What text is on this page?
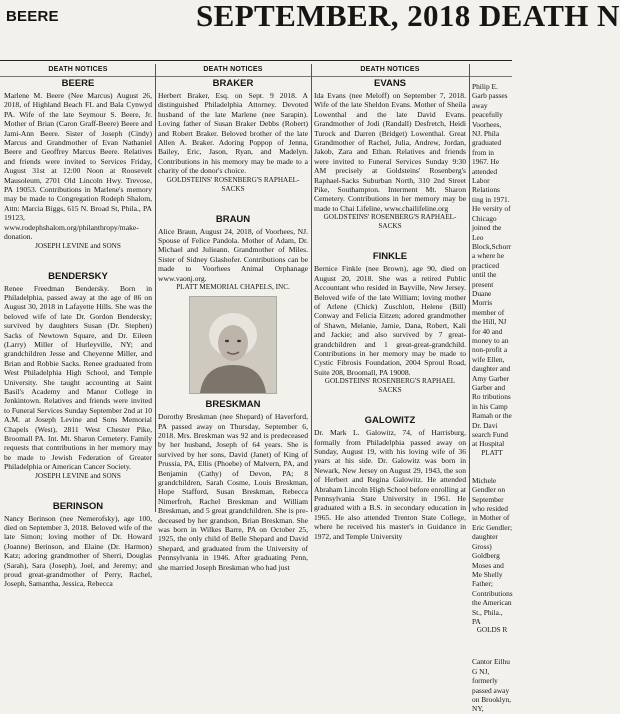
BEERE	SEPTEMBER, 2018 DEATH N
DEATH NOTICES	DEATH NOTICES	DEATH NOTICES
BEERE

Marlene M. Beere (Nee Marcus) August 26, 2018, of Highland Beach FL and Bala Cynwyd PA. Wife of the late Seymour S. Beere, Jr. Mother of Brian (Caron Graff-Beere) Beere and Jami-Ann Beere. Sister of Joseph (Cindy) Marcus and Grandmother of Evan Nathaniel Beere and Geoffrey Marcus Beere. Relatives and friends were invited to Services Friday, August 31st at 12:00 Noon at Roosevelt Mausoleum, 2701 Old Lincoln Hwy. Trevose, PA 19053. Contributions in Marlene's memory may be made to Congregation Rodeph Shalom, Attn: Marcia Biggs, 615 N. Broad St, Phila., PA 19123, www.rodephshalom.org/philanthropy/make-donation.

JOSEPH LEVINE and SONS
BENDERSKY

Renee Freedman Bendersky. Born in Philadelphia, passed away at the age of 86 on August 30, 2018 in Lafayette Hills. She was the beloved wife of late Dr. Gordon Bendersky; survived by daughters Susan (Dr. Stephen) Sacks of Newtown Square, and Dr. Eileen (Larry) Miller of Hurleyville, NY; and grandchildren Jesse and Cheyenne Miller, and Brian and Robbie Sacks. Renee graduated from West Philadelphia High School, and Temple University. She taught accounting at Saint Basil's Academy and Manor College in Jenkintown. Relatives and friends were invited to Funeral Services Sunday September 2nd at 10 A.M. at Joseph Levine and Sons Memorial Chapels (West), 2811 West Chester Pike, Broomall PA. Int. Mt. Sharon Cemetery. Family requests that contributions in her memory may be made to Jewish Federation of Greater Philadelphia or American Cancer Society.

JOSEPH LEVINE and SONS
BERINSON

Nancy Berinson (nee Nemerofsky), age 100, died on September 3, 2018. Beloved wife of the late Simon; loving mother of Dr. Howard (Joanne) Berinson, and Elaine (Dr. Harmon) Katz; adoring grandmother of Sherri, Douglas (Sarah), Sara (Joseph), Joel, and Jeremy; and proud great-grandmother of Perry, Rachel, Joseph, Samantha, Jessica, Rebecca

BRAKER

Herbert Braker, Esq. on Sept. 9 2018. A distinguished Philadelphia Attorney. Devoted husband of the late Marlene (nee Sarapin). Loving father of Susan Braker Debbs (Robert) and Robert Braker. Beloved brother of the late Allen A. Braker. Adoring Poppop of Jenna, Bailey, Eric, Jason, Ryan, and Madelyn. Contributions in his memory may be made to a charity of the donor's choice.

GOLDSTEINS' ROSENBERG'S RAPHAEL-SACKS
BRAUN

Alice Braun, August 24, 2018, of Voorhees, NJ. Spouse of Felice Pandola. Mother of Adam, Dr. Michael and Julieann. Grandmother of Miles. Sister of Sidney Glashofer. Contributions can be made to Voorhees Animal Orphanage www.vaonj.org.

PLATT MEMORIAL CHAPELS, INC.
BRESKMAN

Dorothy Breskman (nee Shepard) of Haverford, PA passed away on Thursday, September 6, 2018. Mrs. Breskman was 92 and is predeceased by her husband, Joseph of 64 years. She is survived by her sons, David (Janet) of King of Prussia, PA, Ellis (Phoebe) of Malvern, PA, and Benjamin (Cathy) of Devon, PA; 8 grandchildren, Sarah Cosme, Louis Breskman, Hope Stafford, Susan Breskman, Rebecca Nimerfroh, Rachel Breskman and William Breskman, and 5 great grandchildren. She is pre-deceased by her grandson, Brian Breskman. She was born in Wilkes Barre, PA on October 25, 1925, the only child of Belle Shepard and David Shepard, and graduated from the University of Pennsylvania in 1946. After graduating Penn, she married Joseph Breskman who had just

EVANS

Ida Evans (nee Meloff) on September 7, 2018. Wife of the late Sheldon Evans. Mother of Sheila Lowenthal and the late David Evans. Grandmother of Jodi (Randall) Desfretch, Heidi Turock and Darren (Bridget) Lowenthal. Great Grandmother of Rachel, Julia, Andrew, Jordan, Jakob, Zara and Ethan. Relatives and friends were invited to Funeral Services Sunday 9:30 AM precisely at Goldsteins' Rosenberg's Raphael-Sacks Suburban North, 310 2nd Street Pike, Southampton. Interment Mt. Sharon Cemetery. Contributions in her memory may be made to Chai Lifeline, www.chailifeline.org

GOLDSTEINS' ROSENBERG'S RAPHAEL-SACKS
FINKLE

Bernice Finkle (nee Brown), age 90, died on August 20, 2018. She was a retired Public Accountant who resided in Bayville, New Jersey. Beloved wife of the late William; loving mother of Arlene (Chick) Zuschlott, Helene (Bill) Conway and Felicia Eitzen; adored grandmother of Shawn, Melanie, Jamie, Dana, Robert, Kali and Jackie; and also survived by 7 great-grandchildren and 1 great-great-grandchild. Contributions in her memory may be made to Cystic Fibrosis Foundation, 2004 Sproul Road, Suite 208, Broomall, PA 19008.

GOLDSTEINS' ROSENBERG'S RAPHAEL SACKS
GALOWITZ

Dr. Mark L. Galowitz, 74, of Harrisburg, formally from Philadelphia passed away on Sunday, August 19, with his loving wife of 36 years at his side. Dr. Galowitz was born in Newark, New Jersey on August 29, 1943, the son of Herbert and Regina Galowitz. He attended Abraham Lincoln High School before enrolling at Pennsylvania State University in 1961. He graduated with a B.S. in secondary education in 1965. He also attended Trenton State College, where he received his master's in Guidance in 1972, and Temple University

Philip E. Garb passes away peacefully Voorhees, NJ. Phila graduated from in 1967. He attended Labor Relations ting in 1971. He versity of Chicago joined the Leo Block,Schorr a where he practiced until the present Duane Morris member of the Hill, NJ for 40 and money to an non-profit a wife Ellen, daughter and Amy Garber Garber and Ro tributions in his Camp Ramah or the Dr. Davi search Fund at Hospital

PLATT

Michele Gendler on September who resided in Mother of Eric Gendler; daughter Gross) Goldberg Moses and Me Shelly Father; Contributions the American St., Phila., PA

GOLDS R

Cantor Eilhu G NJ, formerly passed away on Brooklyn, NY,
